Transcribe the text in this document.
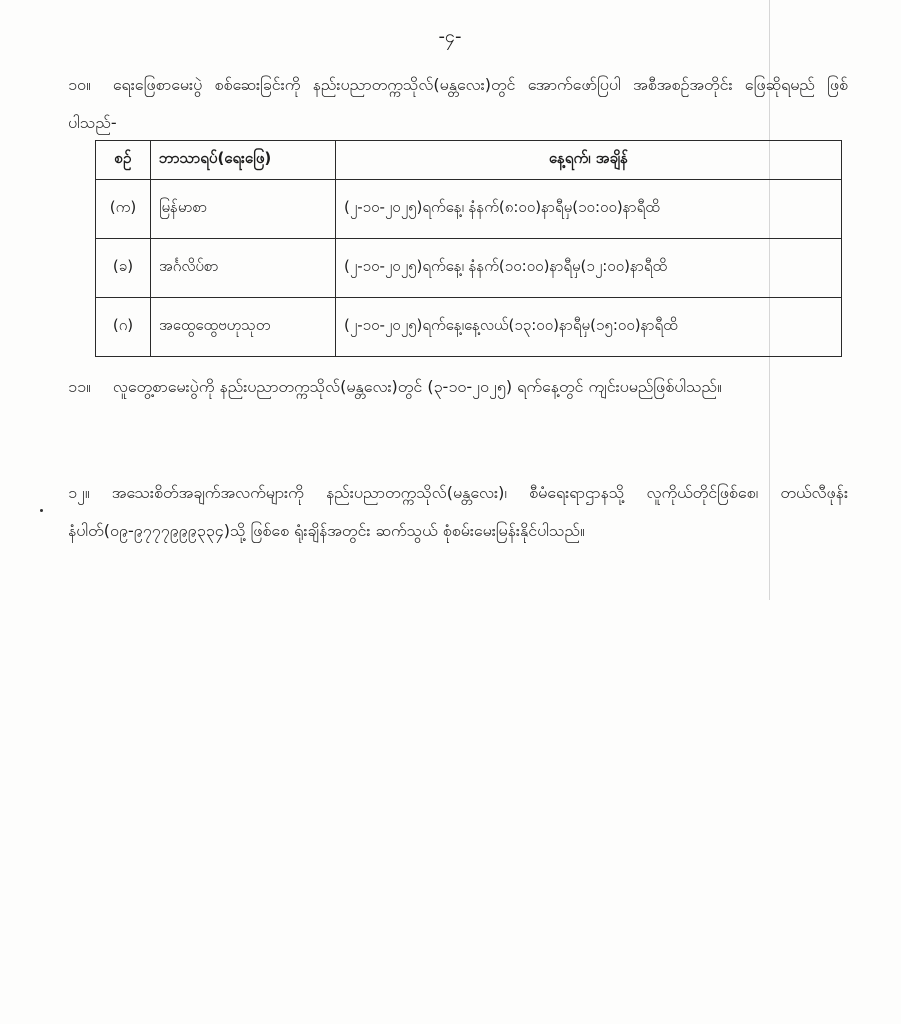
-၄-
၁၀။ ရေးဖြေစာမေးပွဲ စစ်ဆေးခြင်းကို နည်းပညာတက္ကသိုလ်(မန္တလေး)တွင် အောက်ဖော်ပြပါ အစီအစဉ်အတိုင်း ဖြေဆိုရမည် ဖြစ်ပါသည်-
စဉ်	ဘာသာရပ်(ရေးဖြေ)	နေ့ရက်၊ အချိန်
(က)	မြန်မာစာ	(၂-၁၀-၂၀၂၅)ရက်နေ့၊ နံနက်(၈:၀၀)နာရီမှ(၁၀:၀၀)နာရီထိ
(ခ)	အင်္ဂလိပ်စာ	(၂-၁၀-၂၀၂၅)ရက်နေ့၊ နံနက်(၁၀:၀၀)နာရီမှ(၁၂:၀၀)နာရီထိ
(ဂ)	အထွေထွေဗဟုသုတ	(၂-၁၀-၂၀၂၅)ရက်နေ့၊နေ့လယ်(၁၃:၀၀)နာရီမှ(၁၅:၀၀)နာရီထိ
၁၁။ လူတွေ့စာမေးပွဲကို နည်းပညာတက္ကသိုလ်(မန္တလေး)တွင် (၃-၁၀-၂၀၂၅) ရက်နေ့တွင် ကျင်းပမည်ဖြစ်ပါသည်။
၁၂။ အသေးစိတ်အချက်အလက်များကို နည်းပညာတက္ကသိုလ်(မန္တလေး)၊ စီမံရေးရာဌာနသို့ လူကိုယ်တိုင်ဖြစ်စေ၊ တယ်လီဖုန်းနံပါတ်(၀၉-၉၇၇၇၉၉၉၃၃၄)သို့ ဖြစ်စေ ရုံးချိန်အတွင်း ဆက်သွယ် စုံစမ်းမေးမြန်းနိုင်ပါသည်။
